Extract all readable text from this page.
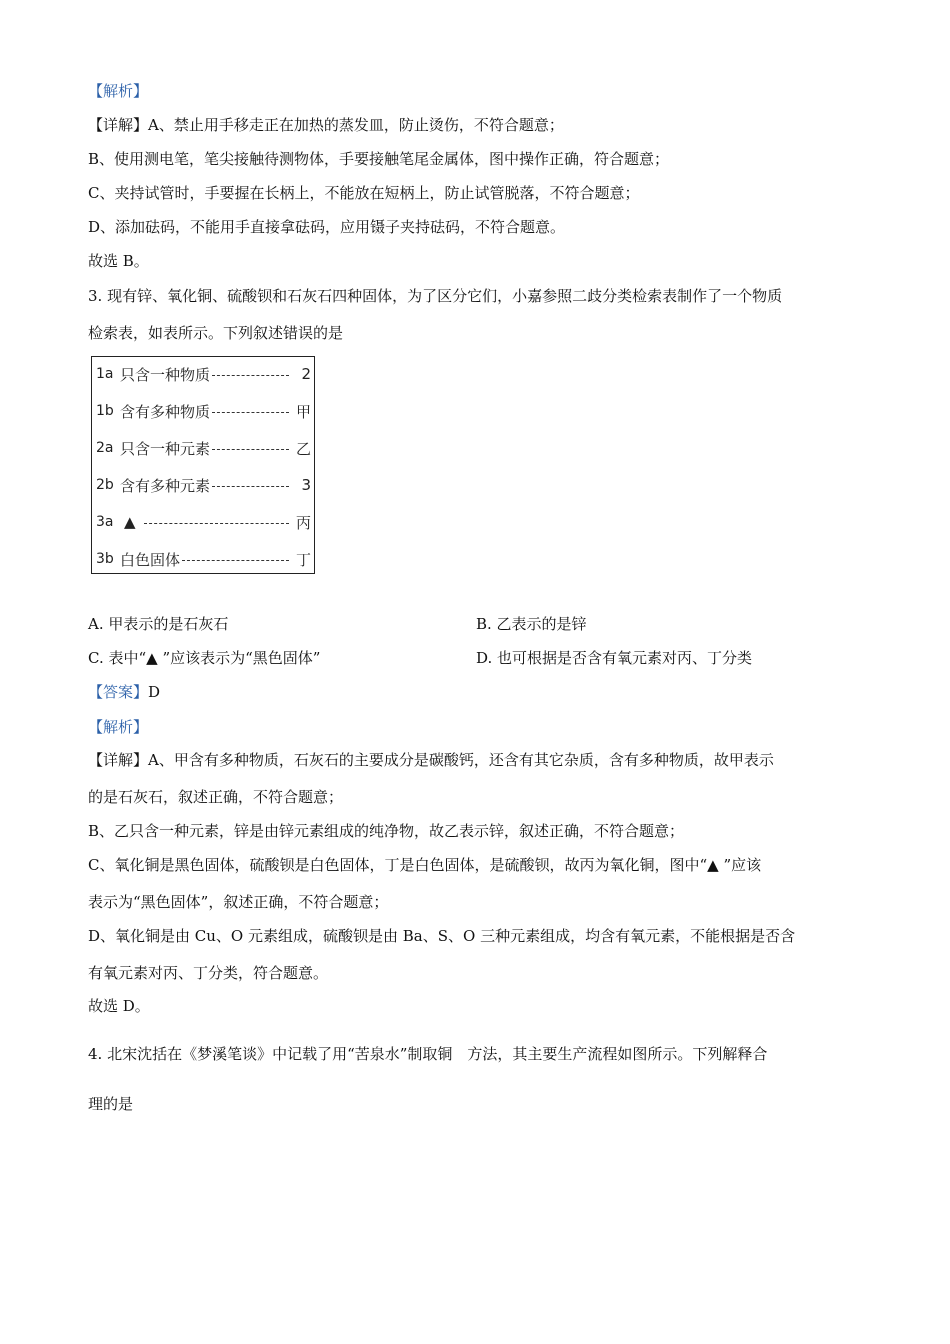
【解析】
【详解】A、禁止用手移走正在加热的蒸发皿，防止烫伤，不符合题意；
B、使用测电笔，笔尖接触待测物体，手要接触笔尾金属体，图中操作正确，符合题意；
C、夹持试管时，手要握在长柄上，不能放在短柄上，防止试管脱落，不符合题意；
D、添加砝码，不能用手直接拿砝码，应用镊子夹持砝码，不符合题意。
故选 B。
3. 现有锌、氧化铜、硫酸钡和石灰石四种固体，为了区分它们，小嘉参照二歧分类检索表制作了一个物质
检索表，如表所示。下列叙述错误的是
1a 只含一种物质	2
1b 含有多种物质	甲
2a 只含一种元素	乙
2b 含有多种元素	3
3a ▲	丙
3b 白色固体	丁
A. 甲表示的是石灰石	B. 乙表示的是锌
C. 表中“▲ ”应该表示为“黑色固体”	D. 也可根据是否含有氧元素对丙、丁分类
【答案】D
【解析】
【详解】A、甲含有多种物质，石灰石的主要成分是碳酸钙，还含有其它杂质，含有多种物质，故甲表示
的是石灰石，叙述正确，不符合题意；
B、乙只含一种元素，锌是由锌元素组成的纯净物，故乙表示锌，叙述正确，不符合题意；
C、氧化铜是黑色固体，硫酸钡是白色固体，丁是白色固体，是硫酸钡，故丙为氧化铜，图中“▲ ”应该
表示为“黑色固体”，叙述正确，不符合题意；
D、氧化铜是由 Cu、O 元素组成，硫酸钡是由 Ba、S、O 三种元素组成，均含有氧元素，不能根据是否含
有氧元素对丙、丁分类，符合题意。
故选 D。
4. 北宋沈括在《梦溪笔谈》中记载了用“苦泉水”制取铜　方法，其主要生产流程如图所示。下列解释合
理的是
